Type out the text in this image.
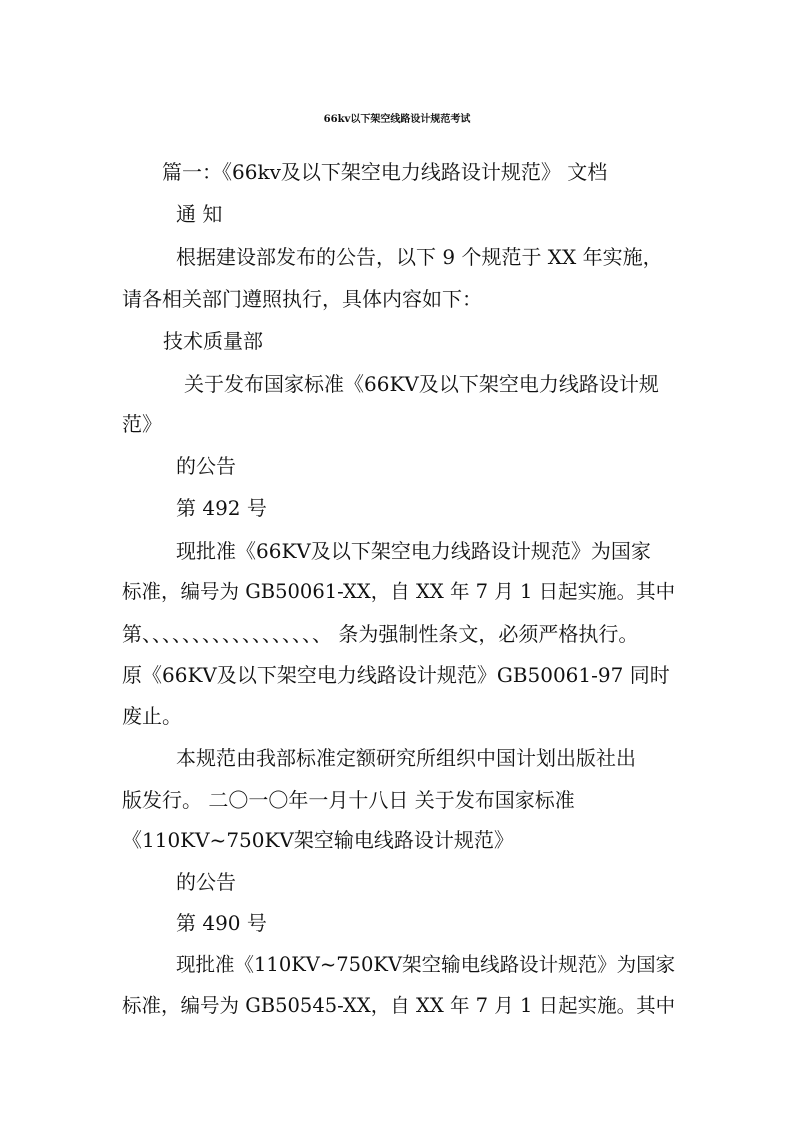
66kv以下架空线路设计规范考试
篇一：《66kv及以下架空电力线路设计规范》 文档
通 知
根据建设部发布的公告，以下 9 个规范于 XX 年实施，
请各相关部门遵照执行，具体内容如下：
技术质量部
关于发布国家标准《66KV及以下架空电力线路设计规
范》
的公告
第 492 号
现批准《66KV及以下架空电力线路设计规范》为国家
标准，编号为 GB50061-XX，自 XX 年 7 月 1 日起实施。其中
第、、、、、、、、、、、、、、、、、、 条为强制性条文，必须严格执行。
原《66KV及以下架空电力线路设计规范》GB50061-97 同时
废止。
本规范由我部标准定额研究所组织中国计划出版社出
版发行。 二〇一〇年一月十八日 关于发布国家标准
《110KV~750KV架空输电线路设计规范》
的公告
第 490 号
现批准《110KV~750KV架空输电线路设计规范》为国家
标准，编号为 GB50545-XX，自 XX 年 7 月 1 日起实施。其中
